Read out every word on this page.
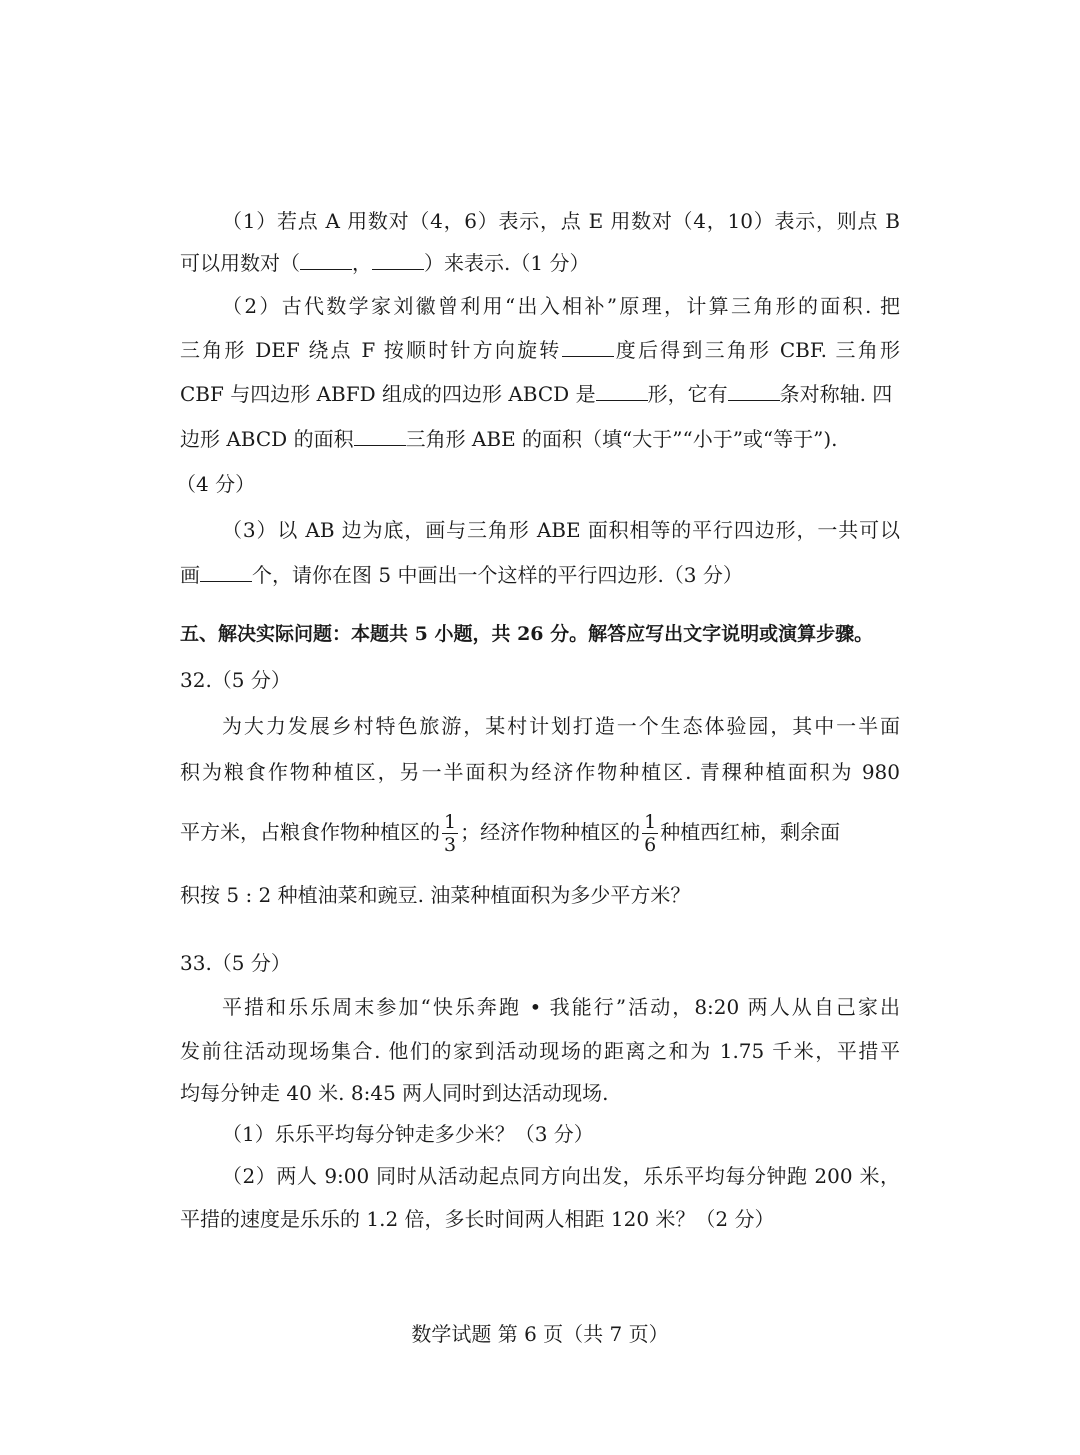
（1）若点 A 用数对（4，6）表示，点 E 用数对（4，10）表示，则点 B
可以用数对（	，	）来表示.（1 分）
（2）古代数学家刘徽曾利用“出入相补”原理，计算三角形的面积. 把
三角形 DEF 绕点 F 按顺时针方向旋转	度后得到三角形 CBF. 三角形
CBF 与四边形 ABFD 组成的四边形 ABCD 是	形，它有	条对称轴. 四
边形 ABCD 的面积	三角形 ABE 的面积（填“大于”“小于”或“等于”).
（4 分）
（3）以 AB 边为底，画与三角形 ABE 面积相等的平行四边形，一共可以
画	个，请你在图 5 中画出一个这样的平行四边形.（3 分）
五、解决实际问题：本题共 5 小题，共 26 分。解答应写出文字说明或演算步骤。
32.（5 分）
为大力发展乡村特色旅游，某村计划打造一个生态体验园，其中一半面
积为粮食作物种植区，另一半面积为经济作物种植区. 青稞种植面积为 980
平方米，占粮食作物种植区的 $\frac{1}{3}$ ；经济作物种植区的 $\frac{1}{6}$ 种植西红柿，剩余面
积按 5 : 2 种植油菜和豌豆. 油菜种植面积为多少平方米？
33.（5 分）
平措和乐乐周末参加“快乐奔跑 • 我能行”活动，8:20 两人从自己家出
发前往活动现场集合. 他们的家到活动现场的距离之和为 1.75 千米，平措平
均每分钟走 40 米. 8:45 两人同时到达活动现场.
（1）乐乐平均每分钟走多少米？（3 分）
（2）两人 9:00 同时从活动起点同方向出发，乐乐平均每分钟跑 200 米，
平措的速度是乐乐的 1.2 倍，多长时间两人相距 120 米？（2 分）
数学试题 第 6 页（共 7 页）
